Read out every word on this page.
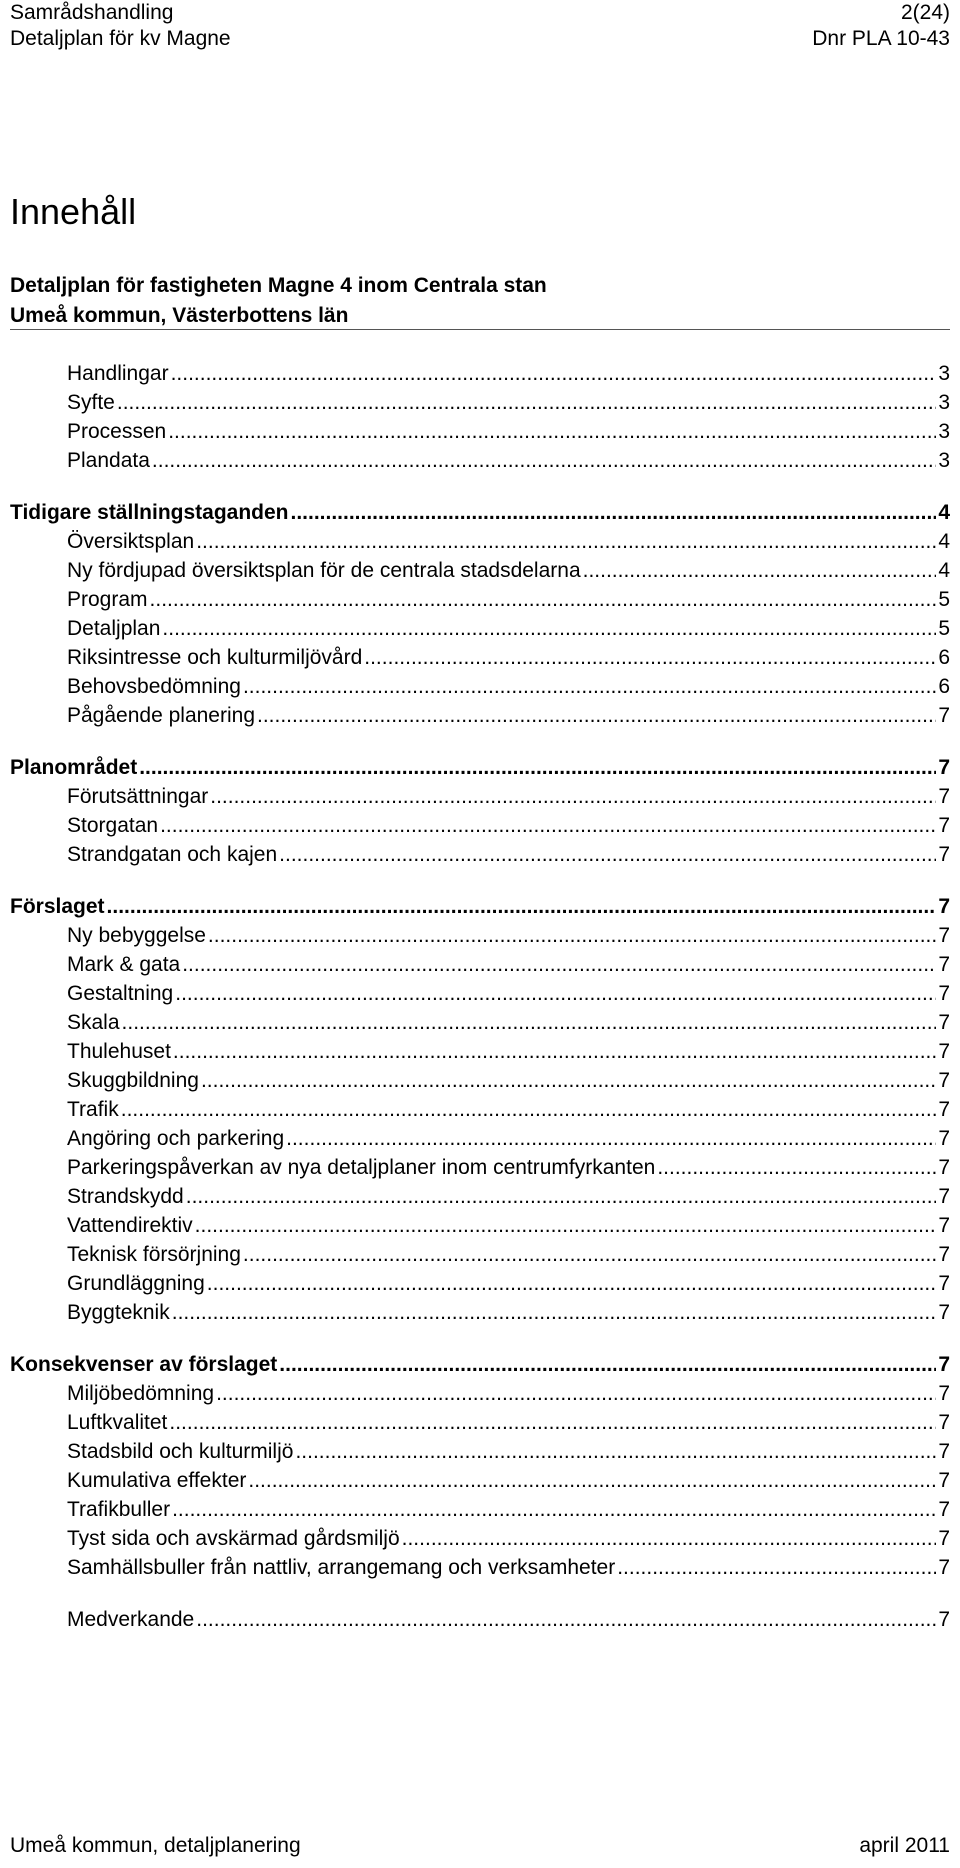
Samrådshandling	2(24)
Detaljplan för kv Magne	Dnr PLA 10-43
Innehåll
Detaljplan för fastigheten Magne 4 inom Centrala stan
Umeå kommun, Västerbottens län
Handlingar .....	3
Syfte .....	3
Processen .....	3
Plandata .....	3
Tidigare ställningstaganden .....	4
Översiktsplan .....	4
Ny fördjupad översiktsplan för de centrala stadsdelarna .....	4
Program .....	5
Detaljplan .....	5
Riksintresse och kulturmiljövård .....	6
Behovsbedömning .....	6
Pågående planering .....	7
Planområdet .....	7
Förutsättningar .....	7
Storgatan .....	7
Strandgatan och kajen .....	7
Förslaget .....	7
Ny bebyggelse .....	7
Mark & gata .....	7
Gestaltning .....	7
Skala .....	7
Thulehuset .....	7
Skuggbildning .....	7
Trafik .....	7
Angöring och parkering .....	7
Parkeringspåverkan av nya detaljplaner inom centrumfyrkanten .....	7
Strandskydd .....	7
Vattendirektiv .....	7
Teknisk försörjning .....	7
Grundläggning .....	7
Byggteknik .....	7
Konsekvenser av förslaget .....	7
Miljöbedömning .....	7
Luftkvalitet .....	7
Stadsbild och kulturmiljö .....	7
Kumulativa effekter .....	7
Trafikbuller .....	7
Tyst sida och avskärmad gårdsmiljö .....	7
Samhällsbuller från nattliv, arrangemang och verksamheter .....	7
Medverkande .....	7
Umeå kommun, detaljplanering	april 2011
